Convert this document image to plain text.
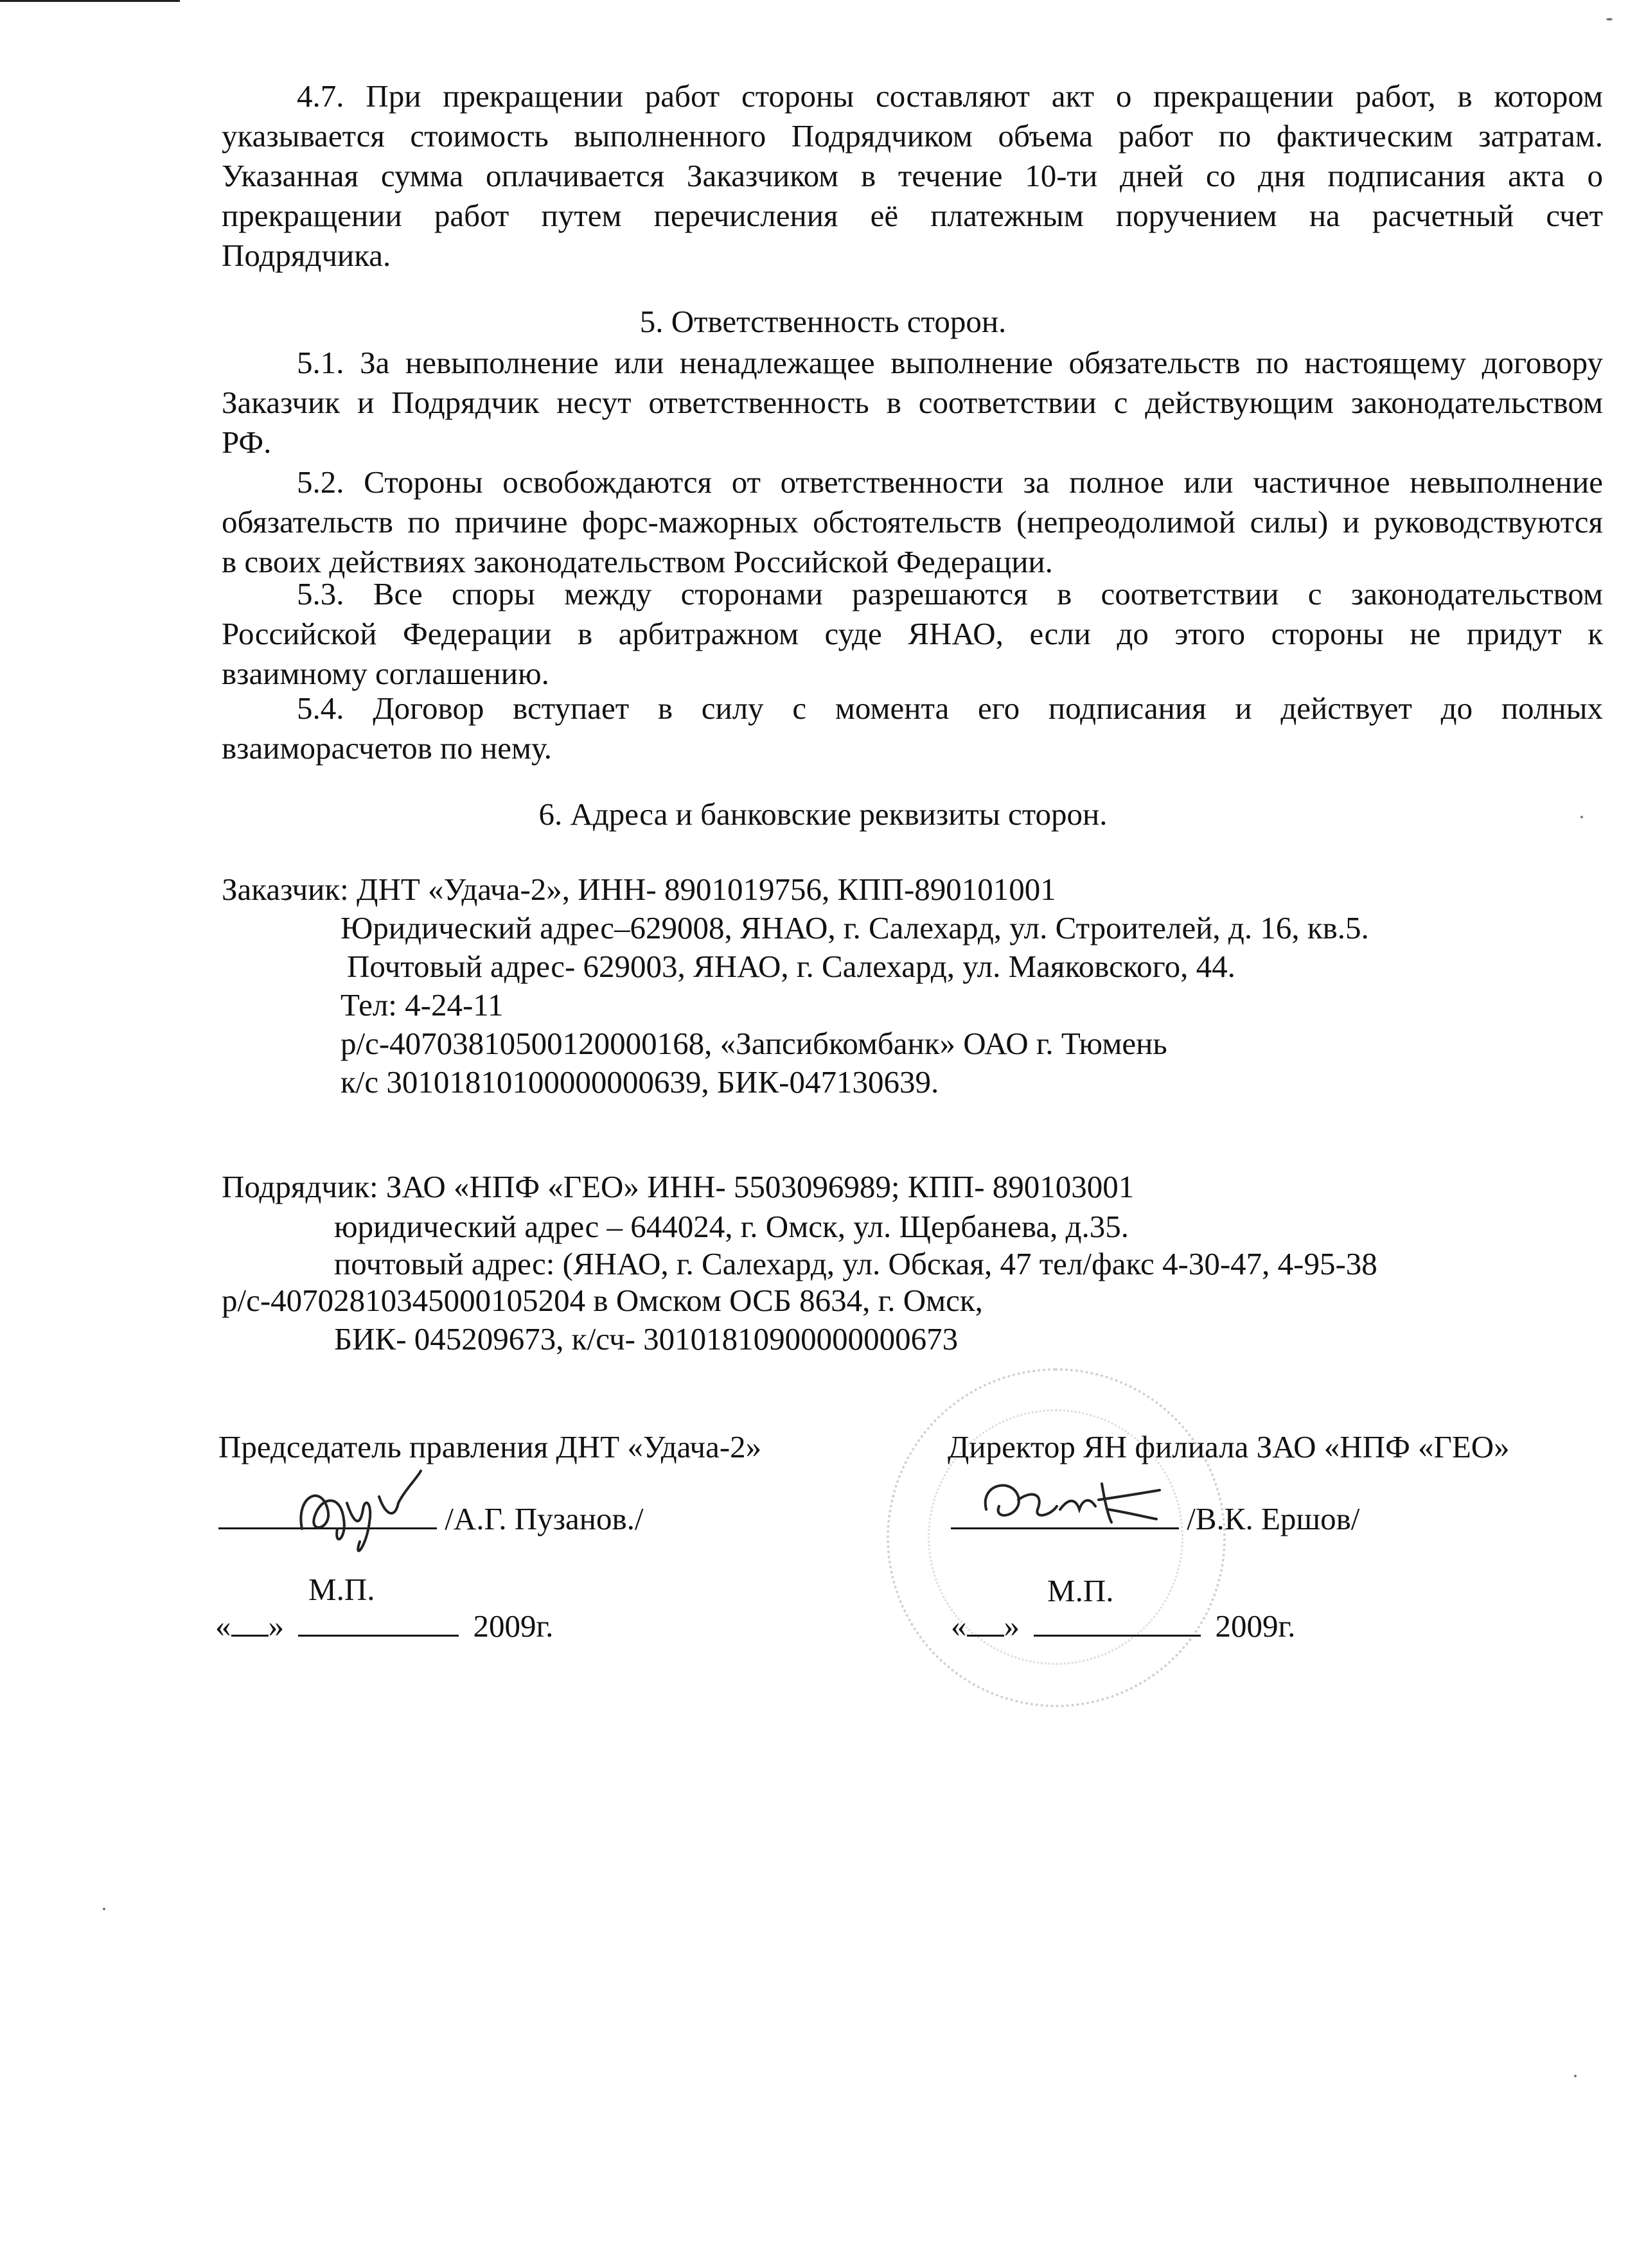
4.7. При прекращении работ стороны составляют акт о прекращении работ, в котором
указывается стоимость выполненного Подрядчиком объема работ по фактическим затратам.
Указанная сумма оплачивается Заказчиком в течение 10-ти дней со дня подписания акта о
прекращении работ путем перечисления её платежным поручением на расчетный счет
Подрядчика.
5. Ответственность сторон.
5.1. За невыполнение или ненадлежащее выполнение обязательств по настоящему договору
Заказчик и Подрядчик несут ответственность в соответствии с действующим законодательством
РФ.
5.2. Стороны освобождаются от ответственности за полное или частичное невыполнение
обязательств по причине форс-мажорных обстоятельств (непреодолимой силы) и руководствуются
в своих действиях законодательством Российской Федерации.
5.3. Все споры между сторонами разрешаются в соответствии с законодательством
Российской Федерации в арбитражном суде ЯНАО, если до этого стороны не придут к
взаимному соглашению.
5.4. Договор вступает в силу с момента его подписания и действует до полных
взаиморасчетов по нему.
6. Адреса и банковские реквизиты сторон.
Заказчик: ДНТ «Удача-2», ИНН- 8901019756, КПП-890101001
Юридический адрес–629008, ЯНАО, г. Салехард, ул. Строителей, д. 16, кв.5.
Почтовый адрес- 629003, ЯНАО, г. Салехард, ул. Маяковского, 44.
Тел: 4-24-11
р/с-40703810500120000168, «Запсибкомбанк» ОАО г. Тюмень
к/с 30101810100000000639, БИК-047130639.
Подрядчик: ЗАО «НПФ «ГЕО» ИНН- 5503096989; КПП- 890103001
юридический адрес – 644024, г. Омск, ул. Щербанева, д.35.
почтовый адрес: (ЯНАО, г. Салехард, ул. Обская, 47 тел/факс 4-30-47, 4-95-38
р/с-40702810345000105204 в Омском ОСБ 8634, г. Омск,
БИК- 045209673, к/сч- 30101810900000000673
Председатель правления ДНТ «Удача-2»
/А.Г. Пузанов./
М.П.
« »	2009г.
Директор ЯН филиала ЗАО «НПФ «ГЕО»
/В.К. Ершов/
М.П.
« »	2009г.
